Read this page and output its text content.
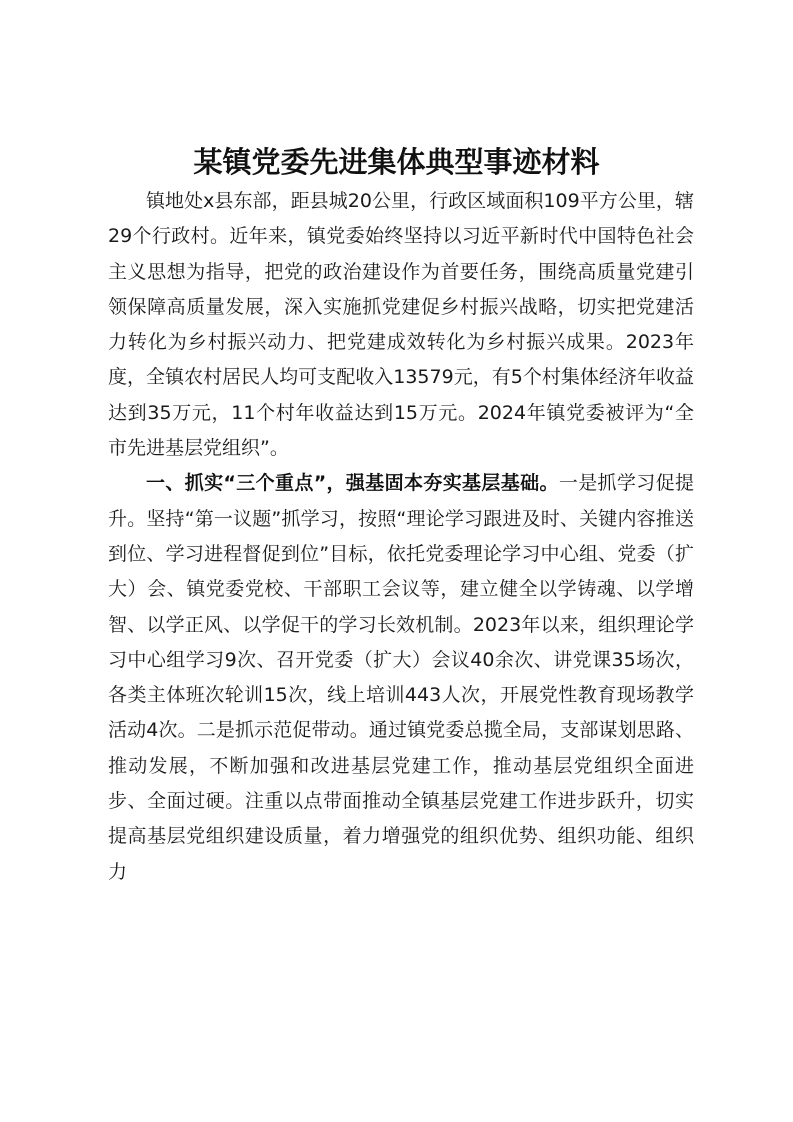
某镇党委先进集体典型事迹材料

镇地处x县东部，距县城20公里，行政区域面积109平方公里，辖29个行政村。近年来，镇党委始终坚持以习近平新时代中国特色社会主义思想为指导，把党的政治建设作为首要任务，围绕高质量党建引领保障高质量发展，深入实施抓党建促乡村振兴战略，切实把党建活力转化为乡村振兴动力、把党建成效转化为乡村振兴成果。2023年度，全镇农村居民人均可支配收入13579元，有5个村集体经济年收益达到35万元，11个村年收益达到15万元。2024年镇党委被评为“全市先进基层党组织”。

一、抓实“三个重点”，强基固本夯实基层基础。一是抓学习促提升。坚持“第一议题”抓学习，按照“理论学习跟进及时、关键内容推送到位、学习进程督促到位”目标，依托党委理论学习中心组、党委（扩大）会、镇党委党校、干部职工会议等，建立健全以学铸魂、以学增智、以学正风、以学促干的学习长效机制。2023年以来，组织理论学习中心组学习9次、召开党委（扩大）会议40余次、讲党课35场次，各类主体班次轮训15次，线上培训443人次，开展党性教育现场教学活动4次。二是抓示范促带动。通过镇党委总揽全局，支部谋划思路、推动发展，不断加强和改进基层党建工作，推动基层党组织全面进步、全面过硬。注重以点带面推动全镇基层党建工作进步跃升，切实提高基层党组织建设质量，着力增强党的组织优势、组织功能、组织力
